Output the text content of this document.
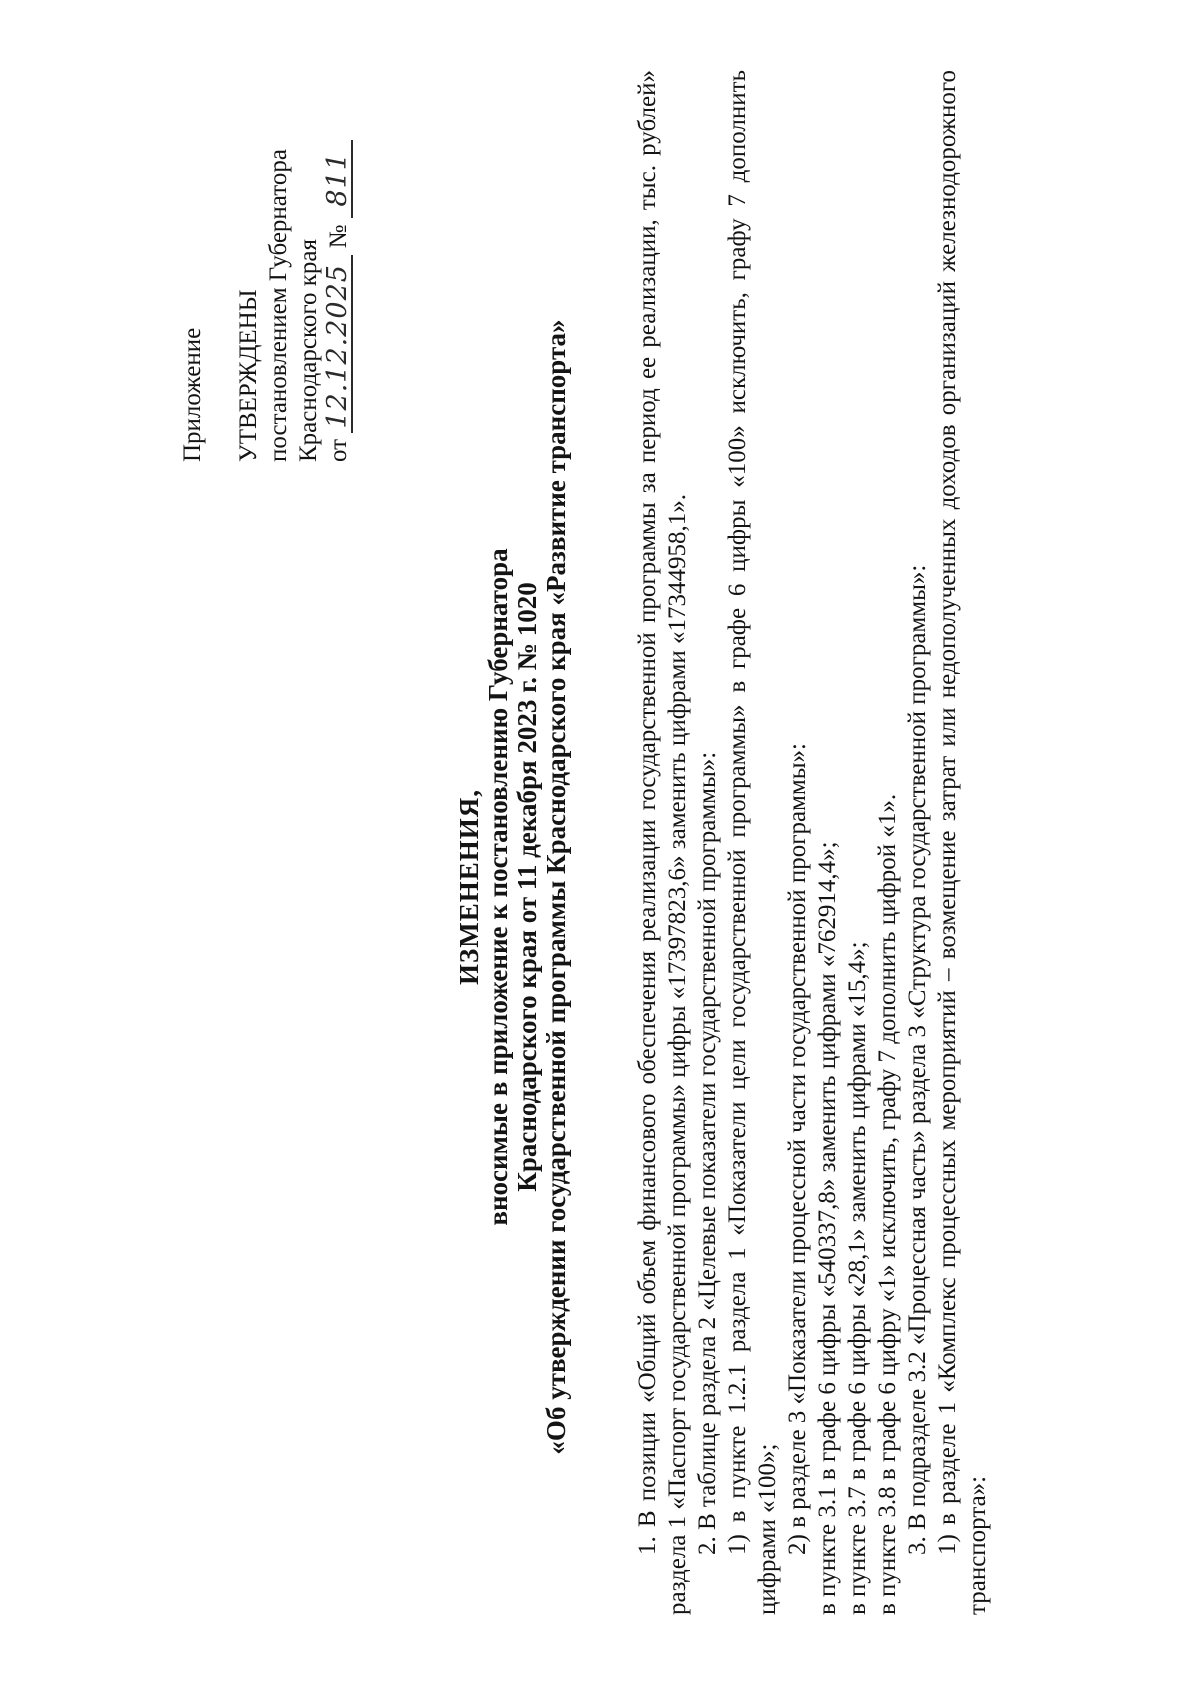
Приложение УТВЕРЖДЕНЫ постановлением Губернатора Краснодарского края от 12.12.2025 № 811
ИЗМЕНЕНИЯ, вносимые в приложение к постановлению Губернатора Краснодарского края от 11 декабря 2023 г. № 1020 «Об утверждении государственной программы Краснодарского края «Развитие транспорта»	1. В позиции «Общий объем финансового обеспечения реализации государственной программы за период ее реализации, тыс. рублей» раздела 1 «Паспорт государственной программы» цифры «17397823,6» заменить цифрами «17344958,1». 2. В таблице раздела 2 «Целевые показатели государственной программы»: 1) в пункте 1.2.1 раздела 1 «Показатели цели государственной программы» в графе 6 цифры «100» исключить, графу 7 дополнить цифрами «100»; 2) в разделе 3 «Показатели процессной части государственной программы»: в пункте 3.1 в графе 6 цифры «540337,8» заменить цифрами «762914,4»; в пункте 3.7 в графе 6 цифры «28,1» заменить цифрами «15,4»; в пункте 3.8 в графе 6 цифру «1» исключить, графу 7 дополнить цифрой «1». 3. В подразделе 3.2 «Процессная часть» раздела 3 «Структура государственной программы»: 1) в разделе 1 «Комплекс процессных мероприятий – возмещение затрат или недополученных доходов организаций железнодорожного транспорта»:
